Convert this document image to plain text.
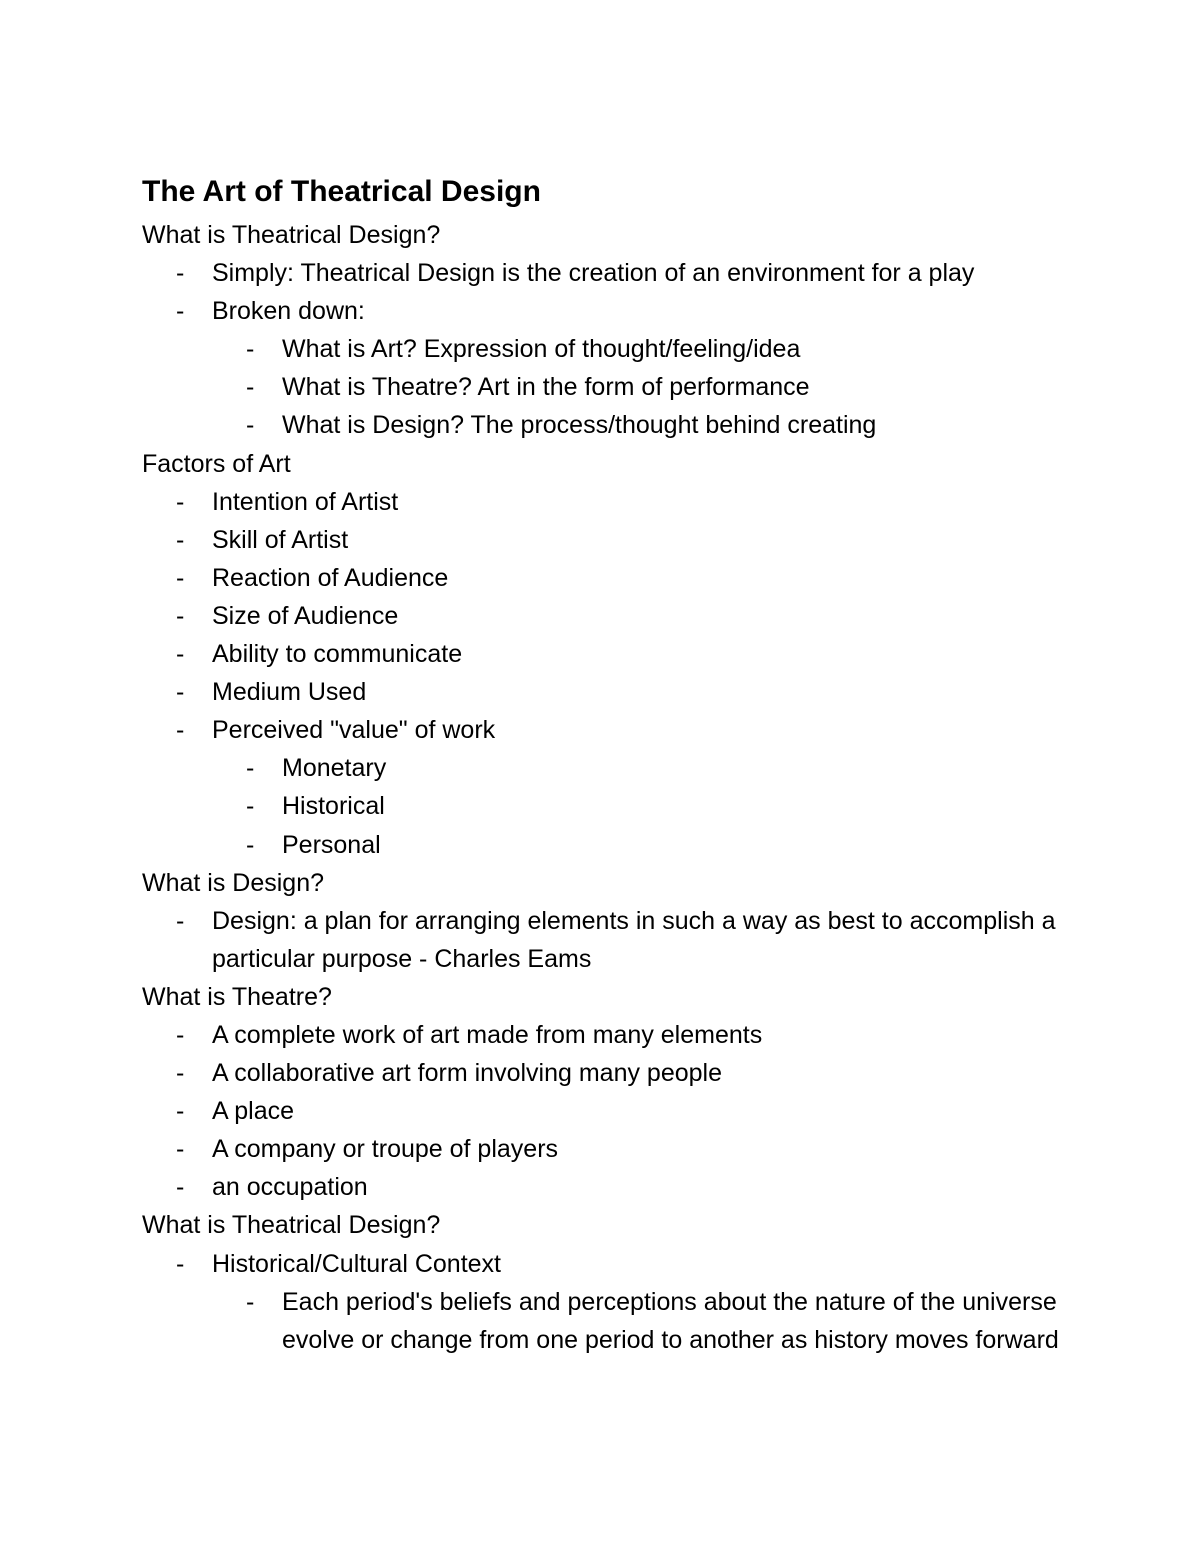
The Art of Theatrical Design

What is Theatrical Design?

- Simply: Theatrical Design is the creation of an environment for a play
- Broken down:
- What is Art? Expression of thought/feeling/idea
- What is Theatre? Art in the form of performance
- What is Design? The process/thought behind creating

Factors of Art

- Intention of Artist
- Skill of Artist
- Reaction of Audience
- Size of Audience
- Ability to communicate
- Medium Used
- Perceived "value" of work
- Monetary
- Historical
- Personal

What is Design?

- Design: a plan for arranging elements in such a way as best to accomplish a particular purpose - Charles Eams

What is Theatre?

- A complete work of art made from many elements
- A collaborative art form involving many people
- A place
- A company or troupe of players
- an occupation

What is Theatrical Design?

- Historical/Cultural Context
- Each period's beliefs and perceptions about the nature of the universe evolve or change from one period to another as history moves forward
